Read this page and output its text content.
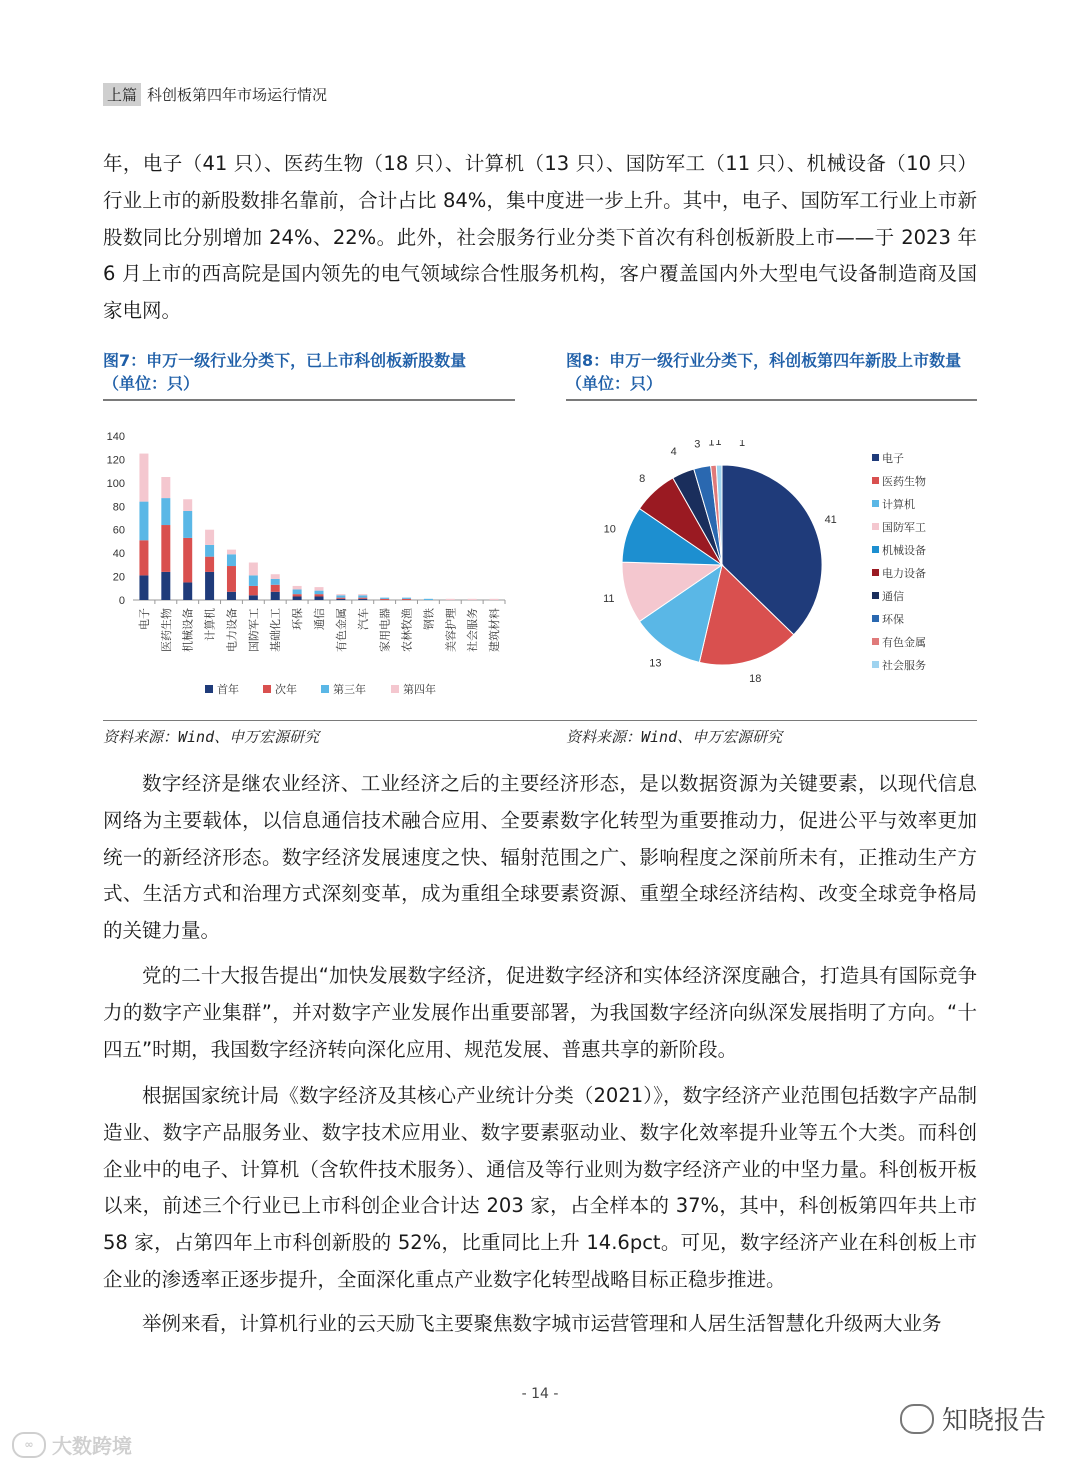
上篇 科创板第四年市场运行情况

年，电子（41 只）、医药生物（18 只）、计算机（13 只）、国防军工（11 只）、机械设备（10 只）行业上市的新股数排名靠前，合计占比 84%，集中度进一步上升。其中，电子、国防军工行业上市新股数同比分别增加 24%、22%。此外，社会服务行业分类下首次有科创板新股上市——于 2023 年 6 月上市的西高院是国内领先的电气领域综合性服务机构，客户覆盖国内外大型电气设备制造商及国家电网。

图7：申万一级行业分类下，已上市科创板新股数量
（单位：只）
图8：申万一级行业分类下，科创板第四年新股上市数量
（单位：只）
0
20
40
60
80
100
120
140
电子 医药生物 机械设备 计算机 电力设备 国防军工 基础化工 环保 通信 有色金属 汽车 家用电器 农林牧渔 钢铁 美容护理 社会服务 建筑材料
首年	次年	第三年	第四年
41
18
13
11
10
8
4
3 1 1 1
电子
医药生物
计算机
国防军工
机械设备
电力设备
通信
环保
有色金属
社会服务
资料来源：Wind、申万宏源研究	资料来源：Wind、申万宏源研究

数字经济是继农业经济、工业经济之后的主要经济形态，是以数据资源为关键要素，以现代信息网络为主要载体，以信息通信技术融合应用、全要素数字化转型为重要推动力，促进公平与效率更加统一的新经济形态。数字经济发展速度之快、辐射范围之广、影响程度之深前所未有，正推动生产方式、生活方式和治理方式深刻变革，成为重组全球要素资源、重塑全球经济结构、改变全球竞争格局的关键力量。

党的二十大报告提出“加快发展数字经济，促进数字经济和实体经济深度融合，打造具有国际竞争力的数字产业集群”，并对数字产业发展作出重要部署，为我国数字经济向纵深发展指明了方向。“十四五”时期，我国数字经济转向深化应用、规范发展、普惠共享的新阶段。

根据国家统计局《数字经济及其核心产业统计分类（2021）》，数字经济产业范围包括数字产品制造业、数字产品服务业、数字技术应用业、数字要素驱动业、数字化效率提升业等五个大类。而科创企业中的电子、计算机（含软件技术服务）、通信及等行业则为数字经济产业的中坚力量。科创板开板以来，前述三个行业已上市科创企业合计达 203 家，占全样本的 37%，其中，科创板第四年共上市 58 家，占第四年上市科创新股的 52%，比重同比上升 14.6pct。可见，数字经济产业在科创板上市企业的渗透率正逐步提升，全面深化重点产业数字化转型战略目标正稳步推进。

举例来看，计算机行业的云天励飞主要聚焦数字城市运营管理和人居生活智慧化升级两大业务

- 14 -
∞ 大数跨境
知晓报告
